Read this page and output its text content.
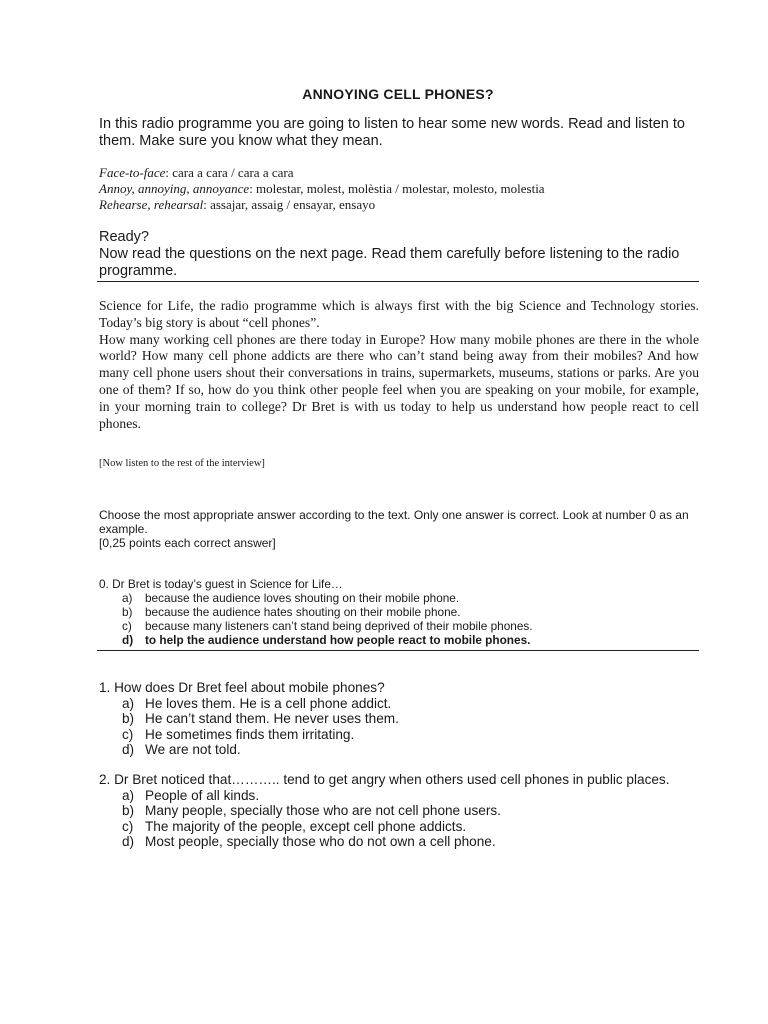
ANNOYING CELL PHONES?
In this radio programme you are going to listen to hear some new words. Read and listen to them. Make sure you know what they mean.
Face-to-face: cara a cara / cara a cara
Annoy, annoying, annoyance: molestar, molest, molèstia / molestar, molesto, molestia
Rehearse, rehearsal: assajar, assaig / ensayar, ensayo
Ready?
Now read the questions on the next page. Read them carefully before listening to the radio programme.

Science for Life, the radio programme which is always first with the big Science and Technology stories. Today’s big story is about “cell phones”.

How many working cell phones are there today in Europe? How many mobile phones are there in the whole world? How many cell phone addicts are there who can’t stand being away from their mobiles? And how many cell phone users shout their conversations in trains, supermarkets, museums, stations or parks. Are you one of them? If so, how do you think other people feel when you are speaking on your mobile, for example, in your morning train to college? Dr Bret is with us today to help us understand how people react to cell phones.

[Now listen to the rest of the interview]
Choose the most appropriate answer according to the text. Only one answer is correct. Look at number 0 as an example.
[0,25 points each correct answer]
0. Dr Bret is today’s guest in Science for Life…
a)	because the audience loves shouting on their mobile phone.
b)	because the audience hates shouting on their mobile phone.
c)	because many listeners can’t stand being deprived of their mobile phones.
d)	to help the audience understand how people react to mobile phones.
1. How does Dr Bret feel about mobile phones?
a) He loves them. He is a cell phone addict.
b) He can’t stand them. He never uses them.
c) He sometimes finds them irritating.
d) We are not told.
2. Dr Bret noticed that……….. tend to get angry when others used cell phones in public places.
a) People of all kinds.
b) Many people, specially those who are not cell phone users.
c) The majority of the people, except cell phone addicts.
d) Most people, specially those who do not own a cell phone.
